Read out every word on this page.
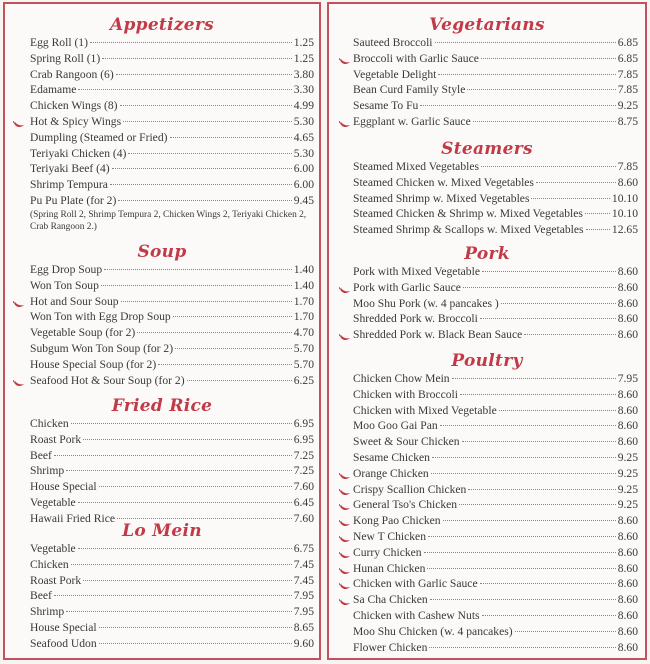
Appetizers
Egg Roll (1)	1.25
Spring Roll (1)	1.25
Crab Rangoon (6)	3.80
Edamame	3.30
Chicken Wings (8)	4.99
Hot & Spicy Wings	5.30
Dumpling (Steamed or Fried)	4.65
Teriyaki Chicken (4)	5.30
Teriyaki Beef (4)	6.00
Shrimp Tempura	6.00
Pu Pu Plate (for 2)	9.45
(Spring Roll 2, Shrimp Tempura 2, Chicken Wings 2, Teriyaki Chicken 2, Crab Rangoon 2.)
Soup
Egg Drop Soup	1.40
Won Ton Soup	1.40
Hot and Sour Soup	1.70
Won Ton with Egg Drop Soup	1.70
Vegetable Soup (for 2)	4.70
Subgum Won Ton Soup (for 2)	5.70
House Special Soup (for 2)	5.70
Seafood Hot & Sour Soup (for 2)	6.25
Fried Rice
Chicken	6.95
Roast Pork	6.95
Beef	7.25
Shrimp	7.25
House Special	7.60
Vegetable	6.45
Hawaii Fried Rice	7.60
Lo Mein
Vegetable	6.75
Chicken	7.45
Roast Pork	7.45
Beef	7.95
Shrimp	7.95
House Special	8.65
Seafood Udon	9.60
Vegetarians
Sauteed Broccoli	6.85
Broccoli with Garlic Sauce	6.85
Vegetable Delight	7.85
Bean Curd Family Style	7.85
Sesame To Fu	9.25
Eggplant w. Garlic Sauce	8.75
Steamers
Steamed Mixed Vegetables	7.85
Steamed Chicken w. Mixed Vegetables	8.60
Steamed Shrimp w. Mixed Vegetables	10.10
Steamed Chicken & Shrimp w. Mixed Vegetables	10.10
Steamed Shrimp & Scallops w. Mixed Vegetables 12.65
Pork
Pork with Mixed Vegetable	8.60
Pork with Garlic Sauce	8.60
Moo Shu Pork (w. 4 pancakes )	8.60
Shredded Pork w. Broccoli	8.60
Shredded Pork w. Black Bean Sauce	8.60
Poultry
Chicken Chow Mein	7.95
Chicken with Broccoli	8.60
Chicken with Mixed Vegetable	8.60
Moo Goo Gai Pan	8.60
Sweet & Sour Chicken	8.60
Sesame Chicken	9.25
Orange Chicken	9.25
Crispy Scallion Chicken	9.25
General Tso's Chicken	9.25
Kong Pao Chicken	8.60
New T Chicken	8.60
Curry Chicken	8.60
Hunan Chicken	8.60
Chicken with Garlic Sauce	8.60
Sa Cha Chicken	8.60
Chicken with Cashew Nuts	8.60
Moo Shu Chicken (w. 4 pancakes)	8.60
Flower Chicken	8.60
